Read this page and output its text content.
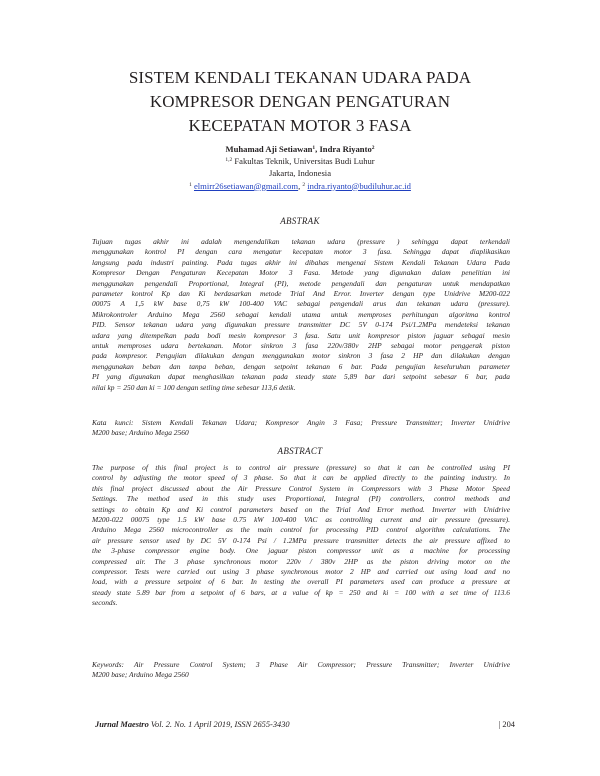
SISTEM KENDALI TEKANAN UDARA PADA
KOMPRESOR DENGAN PENGATURAN
KECEPATAN MOTOR 3 FASA
Muhamad Aji Setiawan$^1$, Indra Riyanto$^2$
$^{1,2}$ Fakultas Teknik, Universitas Budi Luhur
Jakarta, Indonesia
$^1$ elmirr26setiawan@gmail.com, $^2$ indra.riyanto@budiluhur.ac.id
ABSTRAK
Tujuan tugas akhir ini adalah mengendalikan tekanan udara (pressure ) sehingga dapat terkendali
menggunakan kontrol PI dengan cara mengatur kecepatan motor 3 fasa. Sehingga dapat diaplikasikan
langsung pada industri painting. Pada tugas akhir ini dibahas mengenai Sistem Kendali Tekanan Udara Pada
Kompresor Dengan Pengaturan Kecepatan Motor 3 Fasa. Metode yang digunakan dalam penelitian ini
menggunakan pengendali Proportional, Integral (PI), metode pengendali dan pengaturan untuk mendapatkan
parameter kontrol Kp dan Ki berdasarkan metode Trial And Error. Inverter dengan type Unidrive M200-022
00075 A 1,5 kW base 0,75 kW 100-400 VAC sebagai pengendali arus dan tekanan udara (pressure).
Mikrokontroler Arduino Mega 2560 sebagai kendali utama untuk memproses perhitungan algoritma kontrol
PID. Sensor tekanan udara yang digunakan pressure transmitter DC 5V 0-174 Psi/1.2MPa mendeteksi tekanan
udara yang ditempelkan pada bodi mesin kompresor 3 fasa. Satu unit kompresor piston jaguar sebagai mesin
untuk memproses udara bertekanan. Motor sinkron 3 fasa 220v/380v 2HP sebagai motor penggerak piston
pada kompresor. Pengujian dilakukan dengan menggunakan motor sinkron 3 fasa 2 HP dan dilakukan dengan
menggunakan beban dan tanpa beban, dengan setpoint tekanan 6 bar. Pada pengujian keseluruhan parameter
PI yang digunakan dapat menghasilkan tekanan pada steady state 5,89 bar dari setpoint sebesar 6 bar, pada
nilai kp = 250 dan ki = 100 dengan setling time sebesar 113,6 detik.
Kata kunci: Sistem Kendali Tekanan Udara; Kompresor Angin 3 Fasa; Pressure Transmitter; Inverter Unidrive
M200 base; Arduino Mega 2560
ABSTRACT
The purpose of this final project is to control air pressure (pressure) so that it can be controlled using PI
control by adjusting the motor speed of 3 phase. So that it can be applied directly to the painting industry. In
this final project discussed about the Air Pressure Control System in Compressors with 3 Phase Motor Speed
Settings. The method used in this study uses Proportional, Integral (PI) controllers, control methods and
settings to obtain Kp and Ki control parameters based on the Trial And Error method. Inverter with Unidrive
M200-022 00075 type 1.5 kW base 0.75 kW 100-400 VAC as controlling current and air pressure (pressure).
Arduino Mega 2560 microcontroller as the main control for processing PID control algorithm calculations. The
air pressure sensor used by DC 5V 0-174 Psi / 1.2MPa pressure transmitter detects the air pressure affixed to
the 3-phase compressor engine body. One jaguar piston compressor unit as a machine for processing
compressed air. The 3 phase synchronous motor 220v / 380v 2HP as the piston driving motor on the
compressor. Tests were carried out using 3 phase synchronous motor 2 HP and carried out using load and no
load, with a pressure setpoint of 6 bar. In testing the overall PI parameters used can produce a pressure at
steady state 5.89 bar from a setpoint of 6 bars, at a value of kp = 250 and ki = 100 with a set time of 113.6
seconds.
Keywords: Air Pressure Control System; 3 Phase Air Compressor; Pressure Transmitter; Inverter Unidrive
M200 base; Arduino Mega 2560
Jurnal Maestro Vol. 2. No. 1 April 2019, ISSN 2655-3430	| 204
